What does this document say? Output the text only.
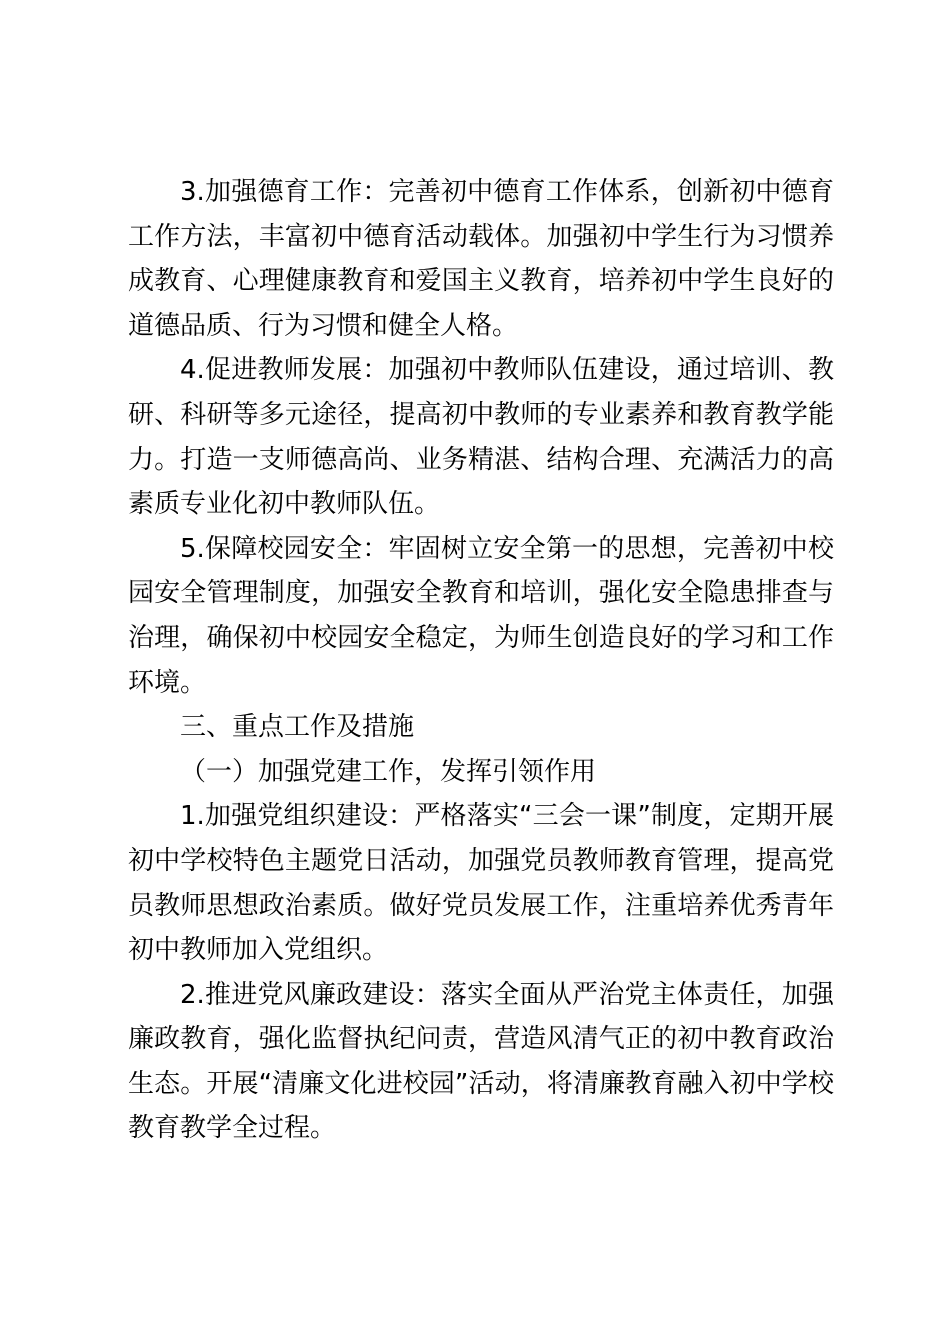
3.加强德育工作：完善初中德育工作体系，创新初中德育工作方法，丰富初中德育活动载体。加强初中学生行为习惯养成教育、心理健康教育和爱国主义教育，培养初中学生良好的道德品质、行为习惯和健全人格。

4.促进教师发展：加强初中教师队伍建设，通过培训、教研、科研等多元途径，提高初中教师的专业素养和教育教学能力。打造一支师德高尚、业务精湛、结构合理、充满活力的高素质专业化初中教师队伍。

5.保障校园安全：牢固树立安全第一的思想，完善初中校园安全管理制度，加强安全教育和培训，强化安全隐患排查与治理，确保初中校园安全稳定，为师生创造良好的学习和工作环境。

三、重点工作及措施

（一）加强党建工作，发挥引领作用

1.加强党组织建设：严格落实“三会一课”制度，定期开展初中学校特色主题党日活动，加强党员教师教育管理，提高党员教师思想政治素质。做好党员发展工作，注重培养优秀青年初中教师加入党组织。

2.推进党风廉政建设：落实全面从严治党主体责任，加强廉政教育，强化监督执纪问责，营造风清气正的初中教育政治生态。开展“清廉文化进校园”活动，将清廉教育融入初中学校教育教学全过程。
